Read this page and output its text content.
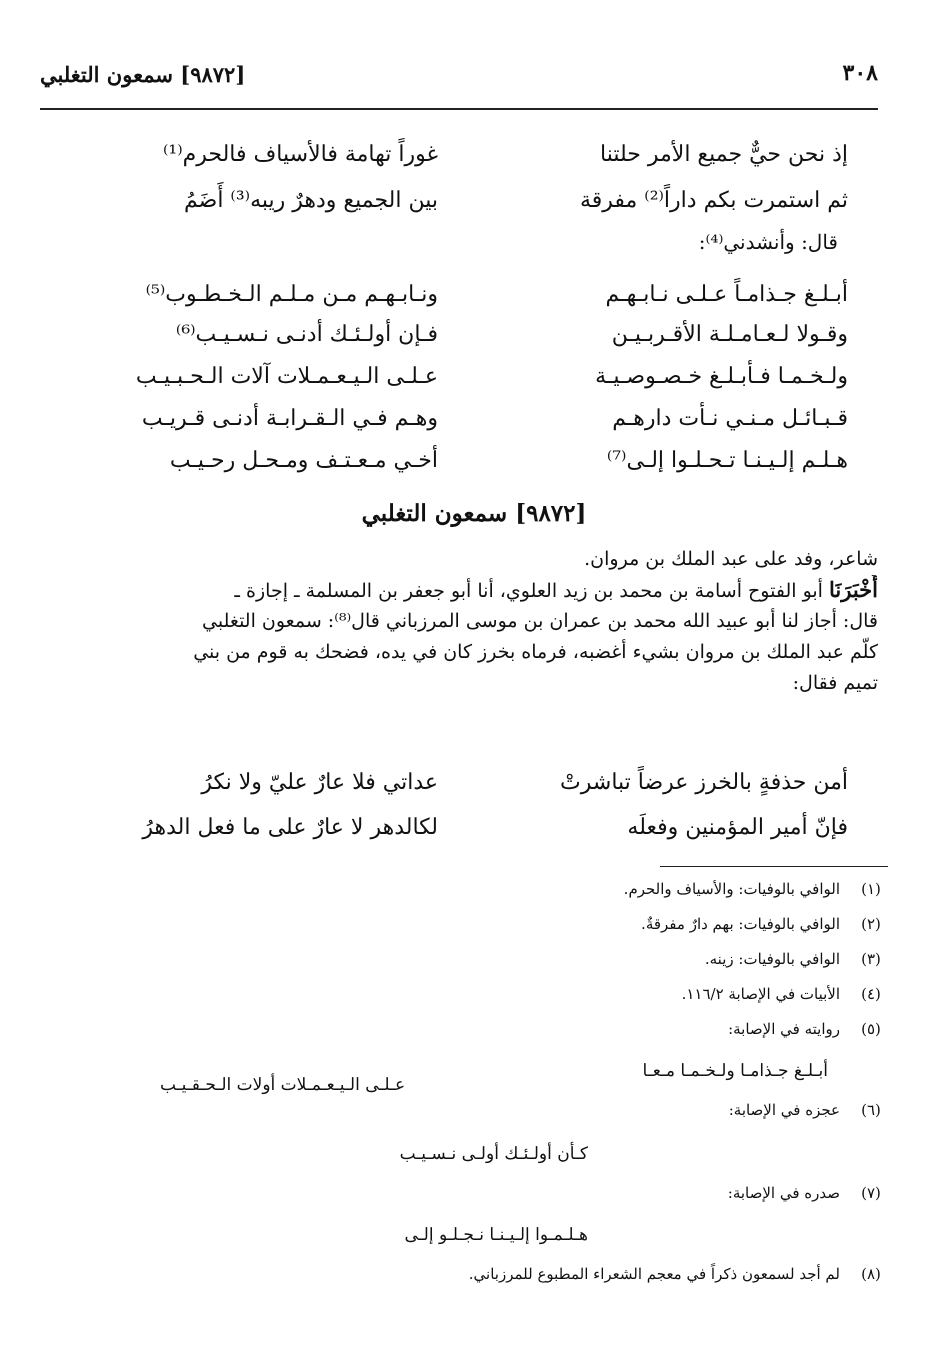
٣٠٨
[٩٨٧٢] سمعون التغلبي
إذ نحن حيٌّ جميع الأمر حلتنا
غوراً تهامة فالأسياف فالحرم⁽¹⁾
ثم استمرت بكم داراً⁽²⁾ مفرقة
بين الجميع ودهرٌ ريبه⁽³⁾ أَضَمُ
قال: وأنشدني⁽⁴⁾:
أبـلـغ جـذامـاً عـلـى نـابـهـم
ونـابـهـم مـن مـلـم الـخـطـوب⁽⁵⁾
وقـولا لـعـامـلـة الأقـربـيـن
فـإن أولـئـك أدنـى نـسـيـب⁽⁶⁾
ولـخـمـا فـأبـلـغ خـصـوصـيـة
عـلـى الـيـعـمـلات آلات الـحـبـيـب
قـبـائـل مـنـي نـأت دارهـم
وهـم فـي الـقـرابـة أدنـى قـريـب
هـلـم إلـيـنـا تـحـلـوا إلـى⁽⁷⁾
أخـي مـعـتـف ومـحـل رحـيـب
[٩٨٧٢] سمعون التغلبي

شاعر، وفد على عبد الملك بن مروان.

أَخْبَرَنَا أبو الفتوح أسامة بن محمد بن زيد العلوي، أنا أبو جعفر بن المسلمة ـ إجازة ـ

قال: أجاز لنا أبو عبيد الله محمد بن عمران بن موسى المرزباني قال⁽⁸⁾: سمعون التغلبي

كلّم عبد الملك بن مروان بشيء أغضبه، فرماه بخرز كان في يده، فضحك به قوم من بني

تميم فقال:

أمن حذفةٍ بالخرز عرضاً تباشرتْ
عداتي فلا عارٌ عليّ ولا نكرُ
فإنّ أمير المؤمنين وفعلَه
لكالدهر لا عارٌ على ما فعل الدهرُ
(١)
الوافي بالوفيات: والأسياف والحرم.
(٢)
الوافي بالوفيات: بهم دارٌ مفرقةٌ.
(٣)
الوافي بالوفيات: زينه.
(٤)
الأبيات في الإصابة ١١٦/٢.
(٥)
روايته في الإصابة:
أبـلـغ جـذامـا ولـخـمـا مـعـا
عـلـى الـيـعـمـلات أولات الـحـقـيـب
(٦)
عجزه في الإصابة:
كـأن أولـئـك أولـى نـسـيـب
(٧)
صدره في الإصابة:
هـلـمـوا إلـيـنـا نـجـلـو إلـى
(٨)
لم أجد لسمعون ذكراً في معجم الشعراء المطبوع للمرزباني.
